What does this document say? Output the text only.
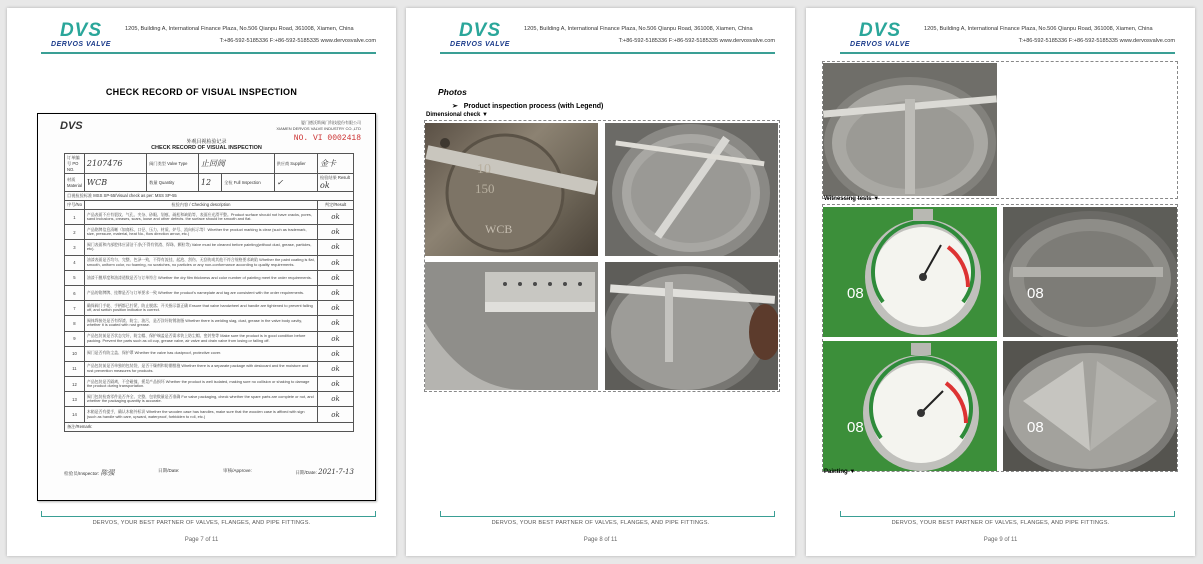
DVS
DERVOS VALVE
1205, Building A, International Finance Plaza, No.506 Qianpu Road, 361008, Xiamen, China
T:+86-592-5185336 F:+86-592-5185335 www.dervosvalve.com
CHECK RECORD OF VISUAL INSPECTION
DVS	厦门德沃斯阀门科技股份有限公司
XIAMEN DERVOS VALVE INDUSTRY CO.,LTD
外观目视检验记录
CHECK RECORD OF VISUAL INSPECTION
NO. VI 0002418
订单编号 PO NO.	2107476	阀门类型 Valve Type	止回阀		供应商 Supplier	金卡
材质 Material	WCB	数量 Quantity	12	全检 Full Inspection	✓	检验结果 Result ok
目视检验标准 MSS SP-55/Visual check as per: MSS SP-55						
序号/No	检验内容 / Checking description					判定/Result
1	产品表面不应有裂纹、气孔、夹杂、砂眼、划痕、疏松和缺陷等，表面应光滑平整。Product surface should not have cracks, pores, sand inclusions, creases, scars, loose and other defects. the surface should be smooth and flat.					ok
2	产品铭牌信息清晰（如商标、口径、压力、材质、炉号、流向标示等）Whether the product marking is clear (such as trademark, size, pressure, material, heat No., flow direction arrow, etc.)					ok
3	阀门表面和内部腔体应清洁干净(不得有铁渣、焊珠、颗粒等) Valve must be cleaned before painting(without dust, grease, particles, etc).					ok
4	油漆表面是否均匀、完整、色泽一致，不得有流挂、起泡、刮伤、无刮伤或其他不符合规格要求缺陷 Whether the paint coating is flat, smooth, uniform color, no foaming, no scratches, no particles or any non-conformance according to quality requirements.					ok
5	油漆干膜厚度和油漆道数是否与订单符合 Whether the dry film thickness and color number of painting meet the order requirements.					ok
6	产品的铭牌牌、挂牌是否与订单要求一致 Whether the product's nameplate and tag are consistent with the order requirements.					ok
7	确保阀门手轮、手柄都已拧紧，防止脱落；开关指示器正确 Ensure that valve handwheel and handle are tightened to prevent falling off, and switch position indicator is correct.					ok
8	阀体焊接处是否有焊渣、防尘、油污，是否涂好防锈油脂 Whether there is welding slag, dust, grease in the valve body cavity, whether it is coated with rust grease.					ok
9	产品包装前是否状态完好，防尘帽、保护端盖是否需求装上防尘帽、密封垫等 Make sure the product is in good condition before packing. Prevent the parts such as oil cup, grease valve, air valve and drain valve from losing or falling off.					ok
10	阀门是否有防尘盖、保护罩 Whether the valve has dustproof, protective cover.					ok
11	产品包装前是否单独的包装袋，是否干燥剂和防潮措施 Whether there is a separate package with desiccant and the moisture and rust prevention measures for products.					ok
12	产品包装是否隔离，不会碰撞，摇晃产品损坏 Whether the product is well isolated, making sure no collision or shaking to damage the product during transportation.					ok
13	阀门包装检查零件是否齐全、完整，包装数量是否准确 For valve packaging, check whether the spare parts are complete or not, and whether the packaging quantity is accurate.					ok
14	木箱是否有提手，确认木箱外标识 Whether the wooden case has handles, make sure that the wooden case is affixed with sign (such as handle with care, upward, waterproof, forbidden to roll, etc.)					ok
备注/Remark:						
检验员/Inspector: 陈强	日期/Date:	审核/Approve:	日期/Date: 2021-7-13
DERVOS, YOUR BEST PARTNER OF VALVES, FLANGES, AND PIPE FITTINGS.
Page 7 of 11
DVS
DERVOS VALVE
1205, Building A, International Finance Plaza, No.506 Qianpu Road, 361008, Xiamen, China
T:+86-592-5185336 F:+86-592-5185335 www.dervosvalve.com
Photos
➢   Product inspection process (with Legend)
Dimensional check ▼
10
150
WCB
DERVOS, YOUR BEST PARTNER OF VALVES, FLANGES, AND PIPE FITTINGS.
Page 8 of 11
DVS
DERVOS VALVE
1205, Building A, International Finance Plaza, No.506 Qianpu Road, 361008, Xiamen, China
T:+86-592-5185336 F:+86-592-5185335 www.dervosvalve.com
Witnessing tests ▼
08	08
08	08
Painting ▼
DERVOS, YOUR BEST PARTNER OF VALVES, FLANGES, AND PIPE FITTINGS.
Page 9 of 11
